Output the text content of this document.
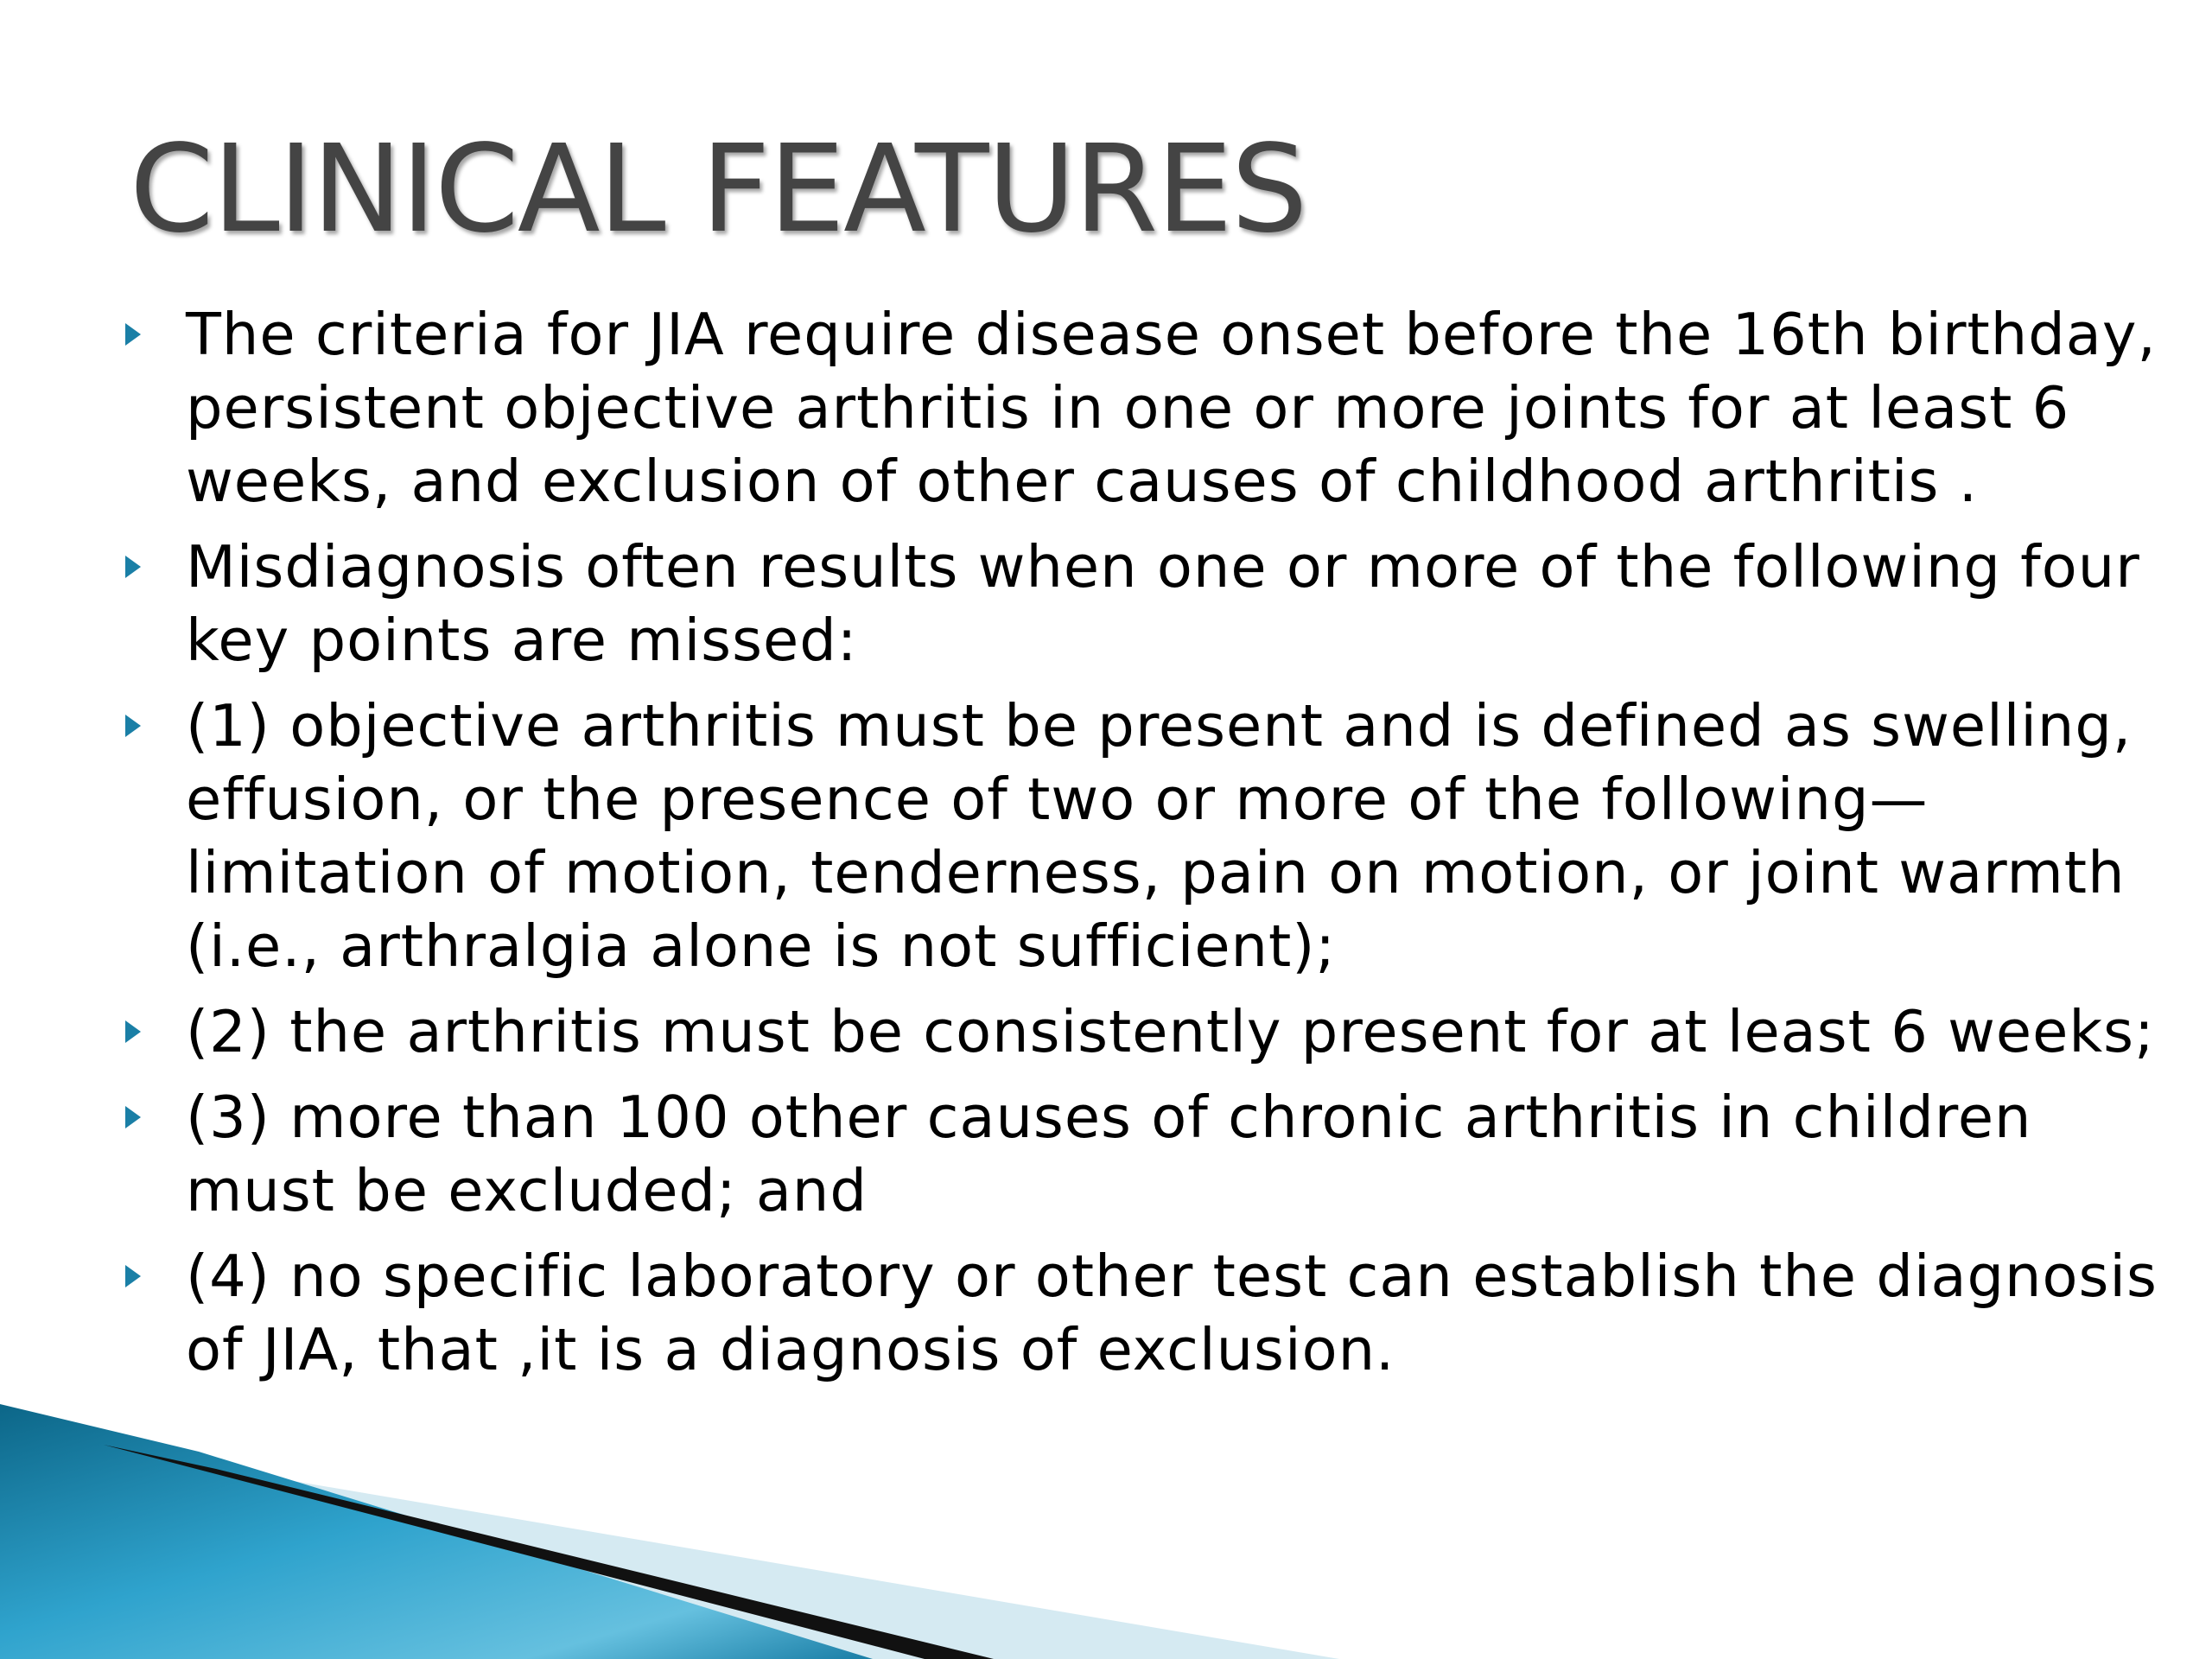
CLINICAL FEATURES
The criteria for JIA require disease onset before the 16th birthday, persistent objective arthritis in one or more joints for at least 6 weeks, and exclusion of other causes of childhood arthritis .
Misdiagnosis often results when one or more of the following four key points are missed:
(1) objective arthritis must be present and is defined as swelling, effusion, or the presence of two or more of the following—limitation of motion, tenderness, pain on motion, or joint warmth (i.e., arthralgia alone is not sufficient);
(2) the arthritis must be consistently present for at least 6 weeks;
(3) more than 100 other causes of chronic arthritis in children must be excluded; and
(4) no specific laboratory or other test can establish the diagnosis of JIA, that ,it is a diagnosis of exclusion.
